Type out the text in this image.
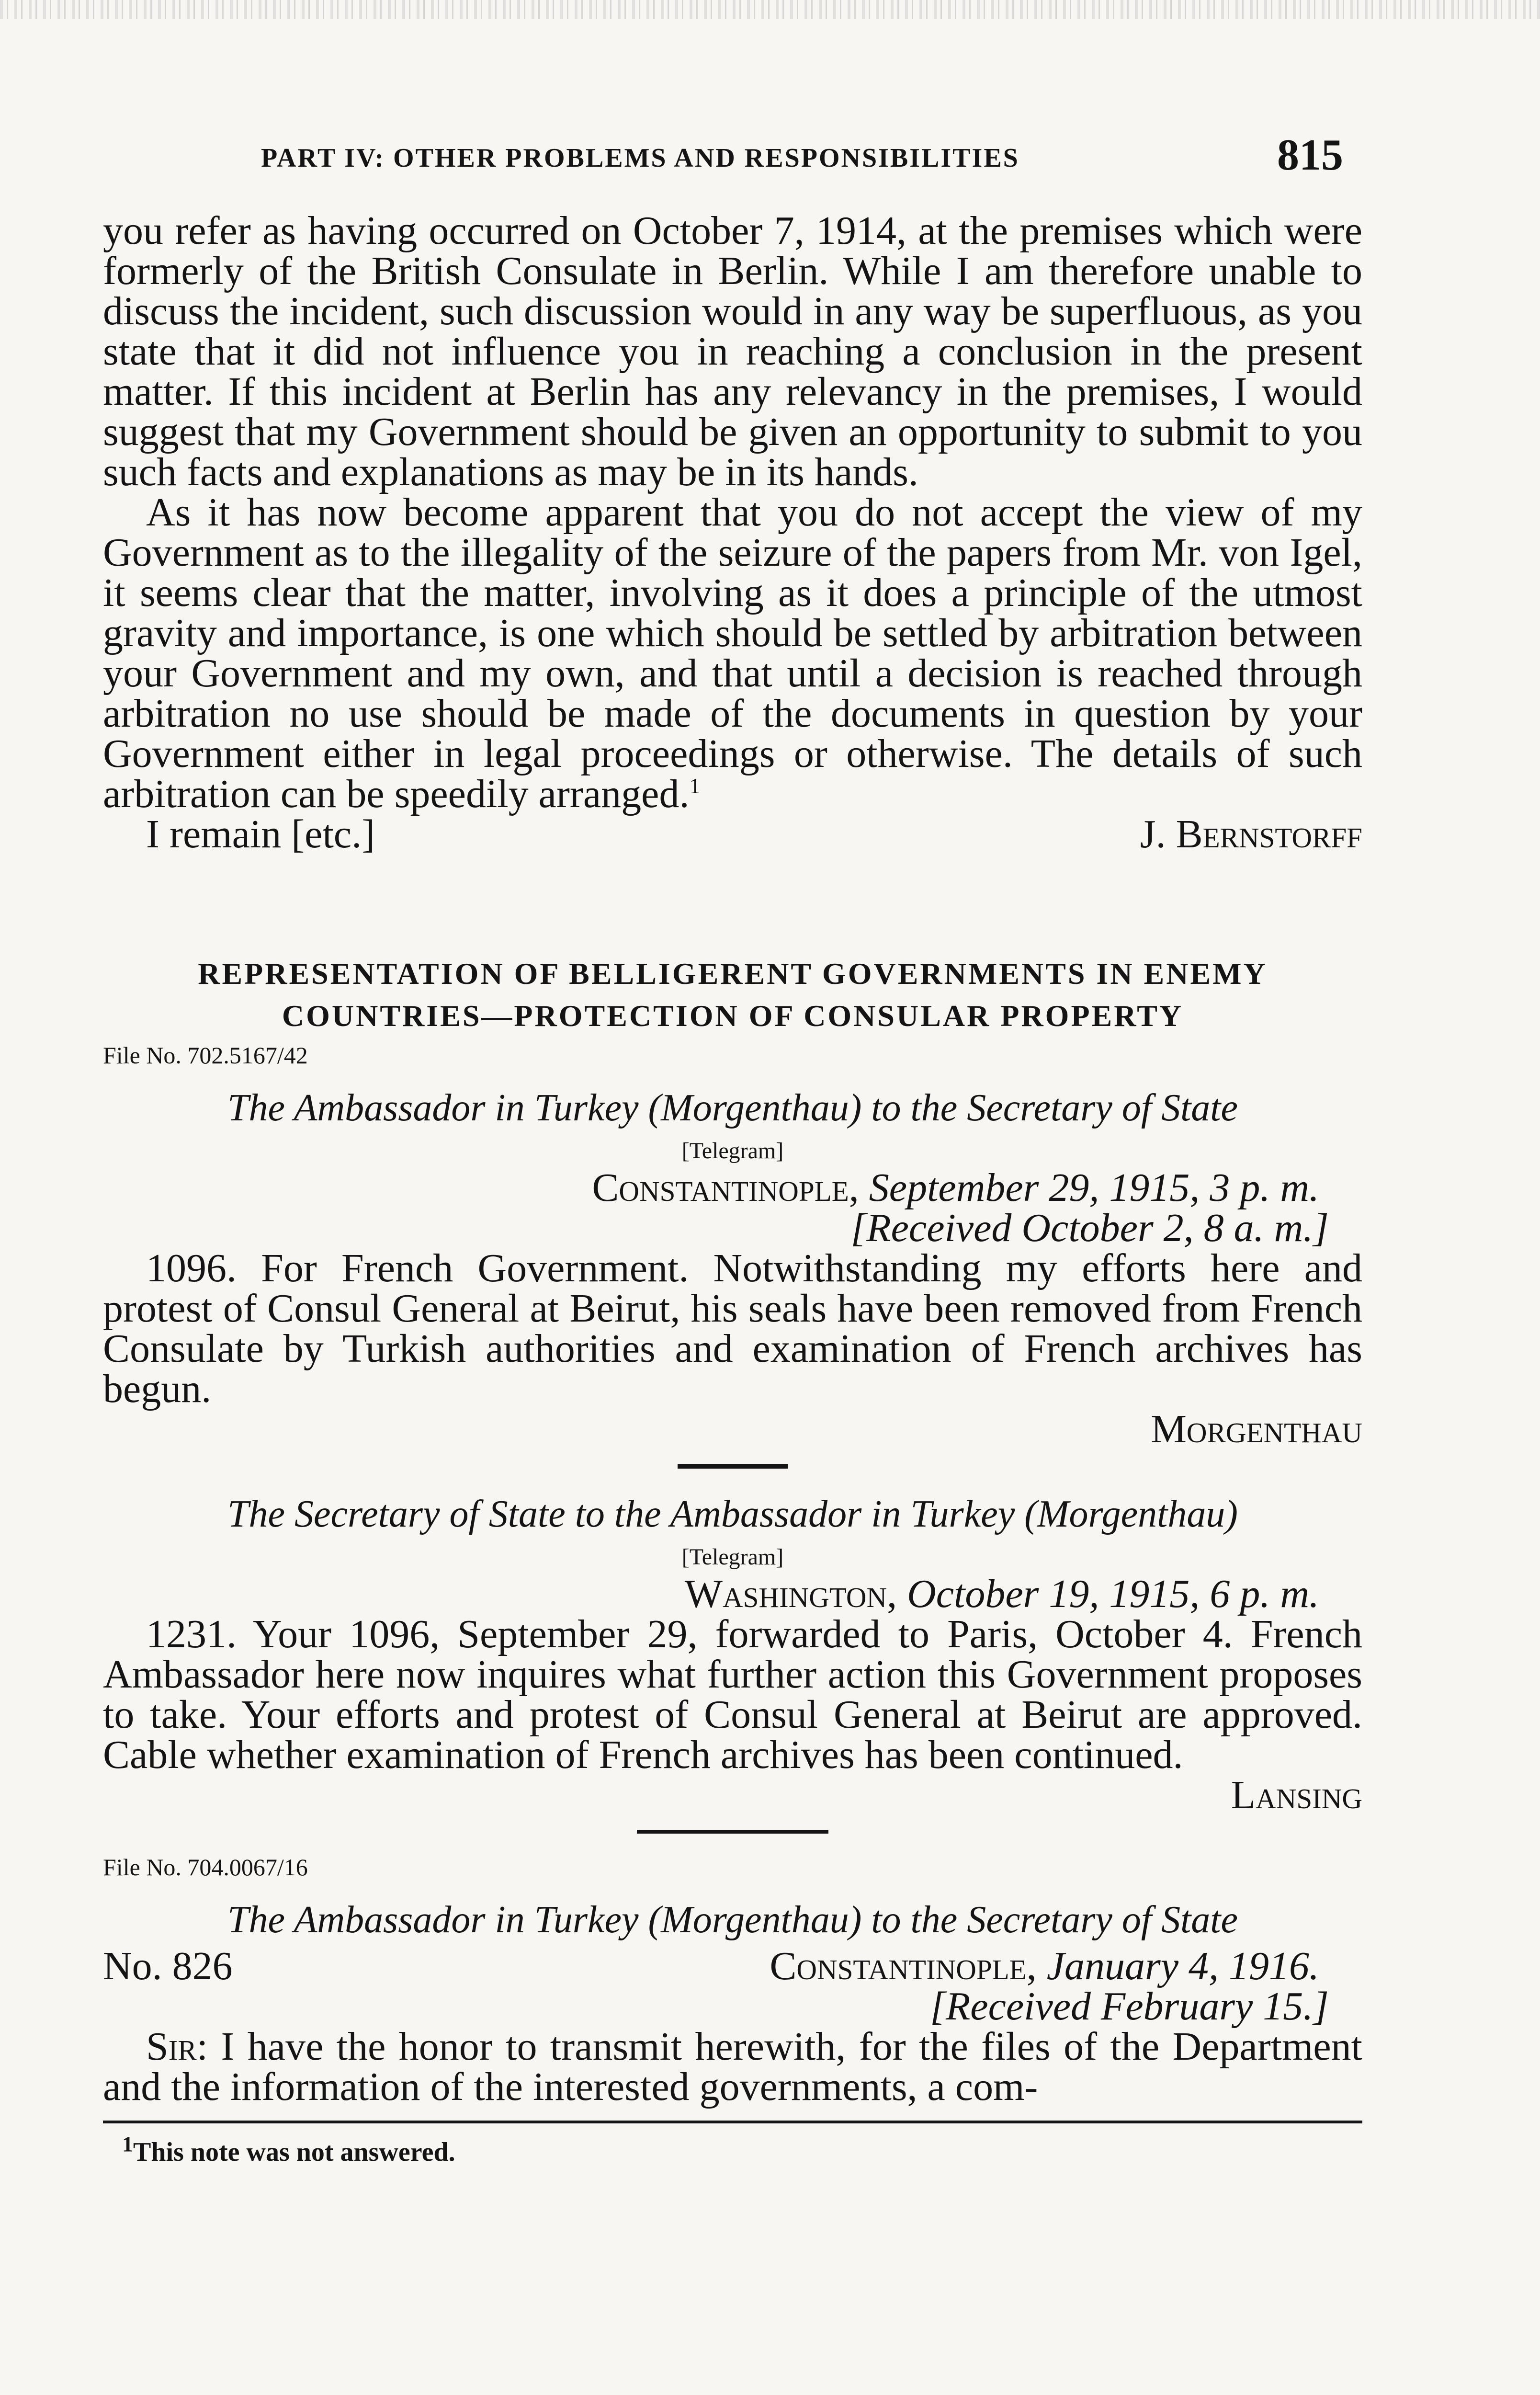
PART IV: OTHER PROBLEMS AND RESPONSIBILITIES	815

you refer as having occurred on October 7, 1914, at the premises which were formerly of the British Consulate in Berlin. While I am therefore unable to discuss the incident, such discussion would in any way be superfluous, as you state that it did not influence you in reaching a conclusion in the present matter. If this incident at Berlin has any relevancy in the premises, I would suggest that my Government should be given an opportunity to submit to you such facts and explanations as may be in its hands.

As it has now become apparent that you do not accept the view of my Government as to the illegality of the seizure of the papers from Mr. von Igel, it seems clear that the matter, involving as it does a principle of the utmost gravity and importance, is one which should be settled by arbitration between your Government and my own, and that until a decision is reached through arbitration no use should be made of the documents in question by your Government either in legal proceedings or otherwise. The details of such arbitration can be speedily arranged.$^1$

I remain [etc.]	J. Bernstorff
REPRESENTATION OF BELLIGERENT GOVERNMENTS IN ENEMY
COUNTRIES—PROTECTION OF CONSULAR PROPERTY
File No. 702.5167/42
The Ambassador in Turkey (Morgenthau) to the Secretary of State
[Telegram]
Constantinople, September 29, 1915, 3 p. m.
[Received October 2, 8 a. m.]

1096. For French Government. Notwithstanding my efforts here and protest of Consul General at Beirut, his seals have been removed from French Consulate by Turkish authorities and examination of French archives has begun.

Morgenthau
The Secretary of State to the Ambassador in Turkey (Morgenthau)
[Telegram]
Washington, October 19, 1915, 6 p. m.

1231. Your 1096, September 29, forwarded to Paris, October 4. French Ambassador here now inquires what further action this Government proposes to take. Your efforts and protest of Consul General at Beirut are approved. Cable whether examination of French archives has been continued.

Lansing
File No. 704.0067/16
The Ambassador in Turkey (Morgenthau) to the Secretary of State
No. 826	Constantinople, January 4, 1916.
[Received February 15.]

Sir: I have the honor to transmit herewith, for the files of the Department and the information of the interested governments, a com-

$^1$This note was not answered.
